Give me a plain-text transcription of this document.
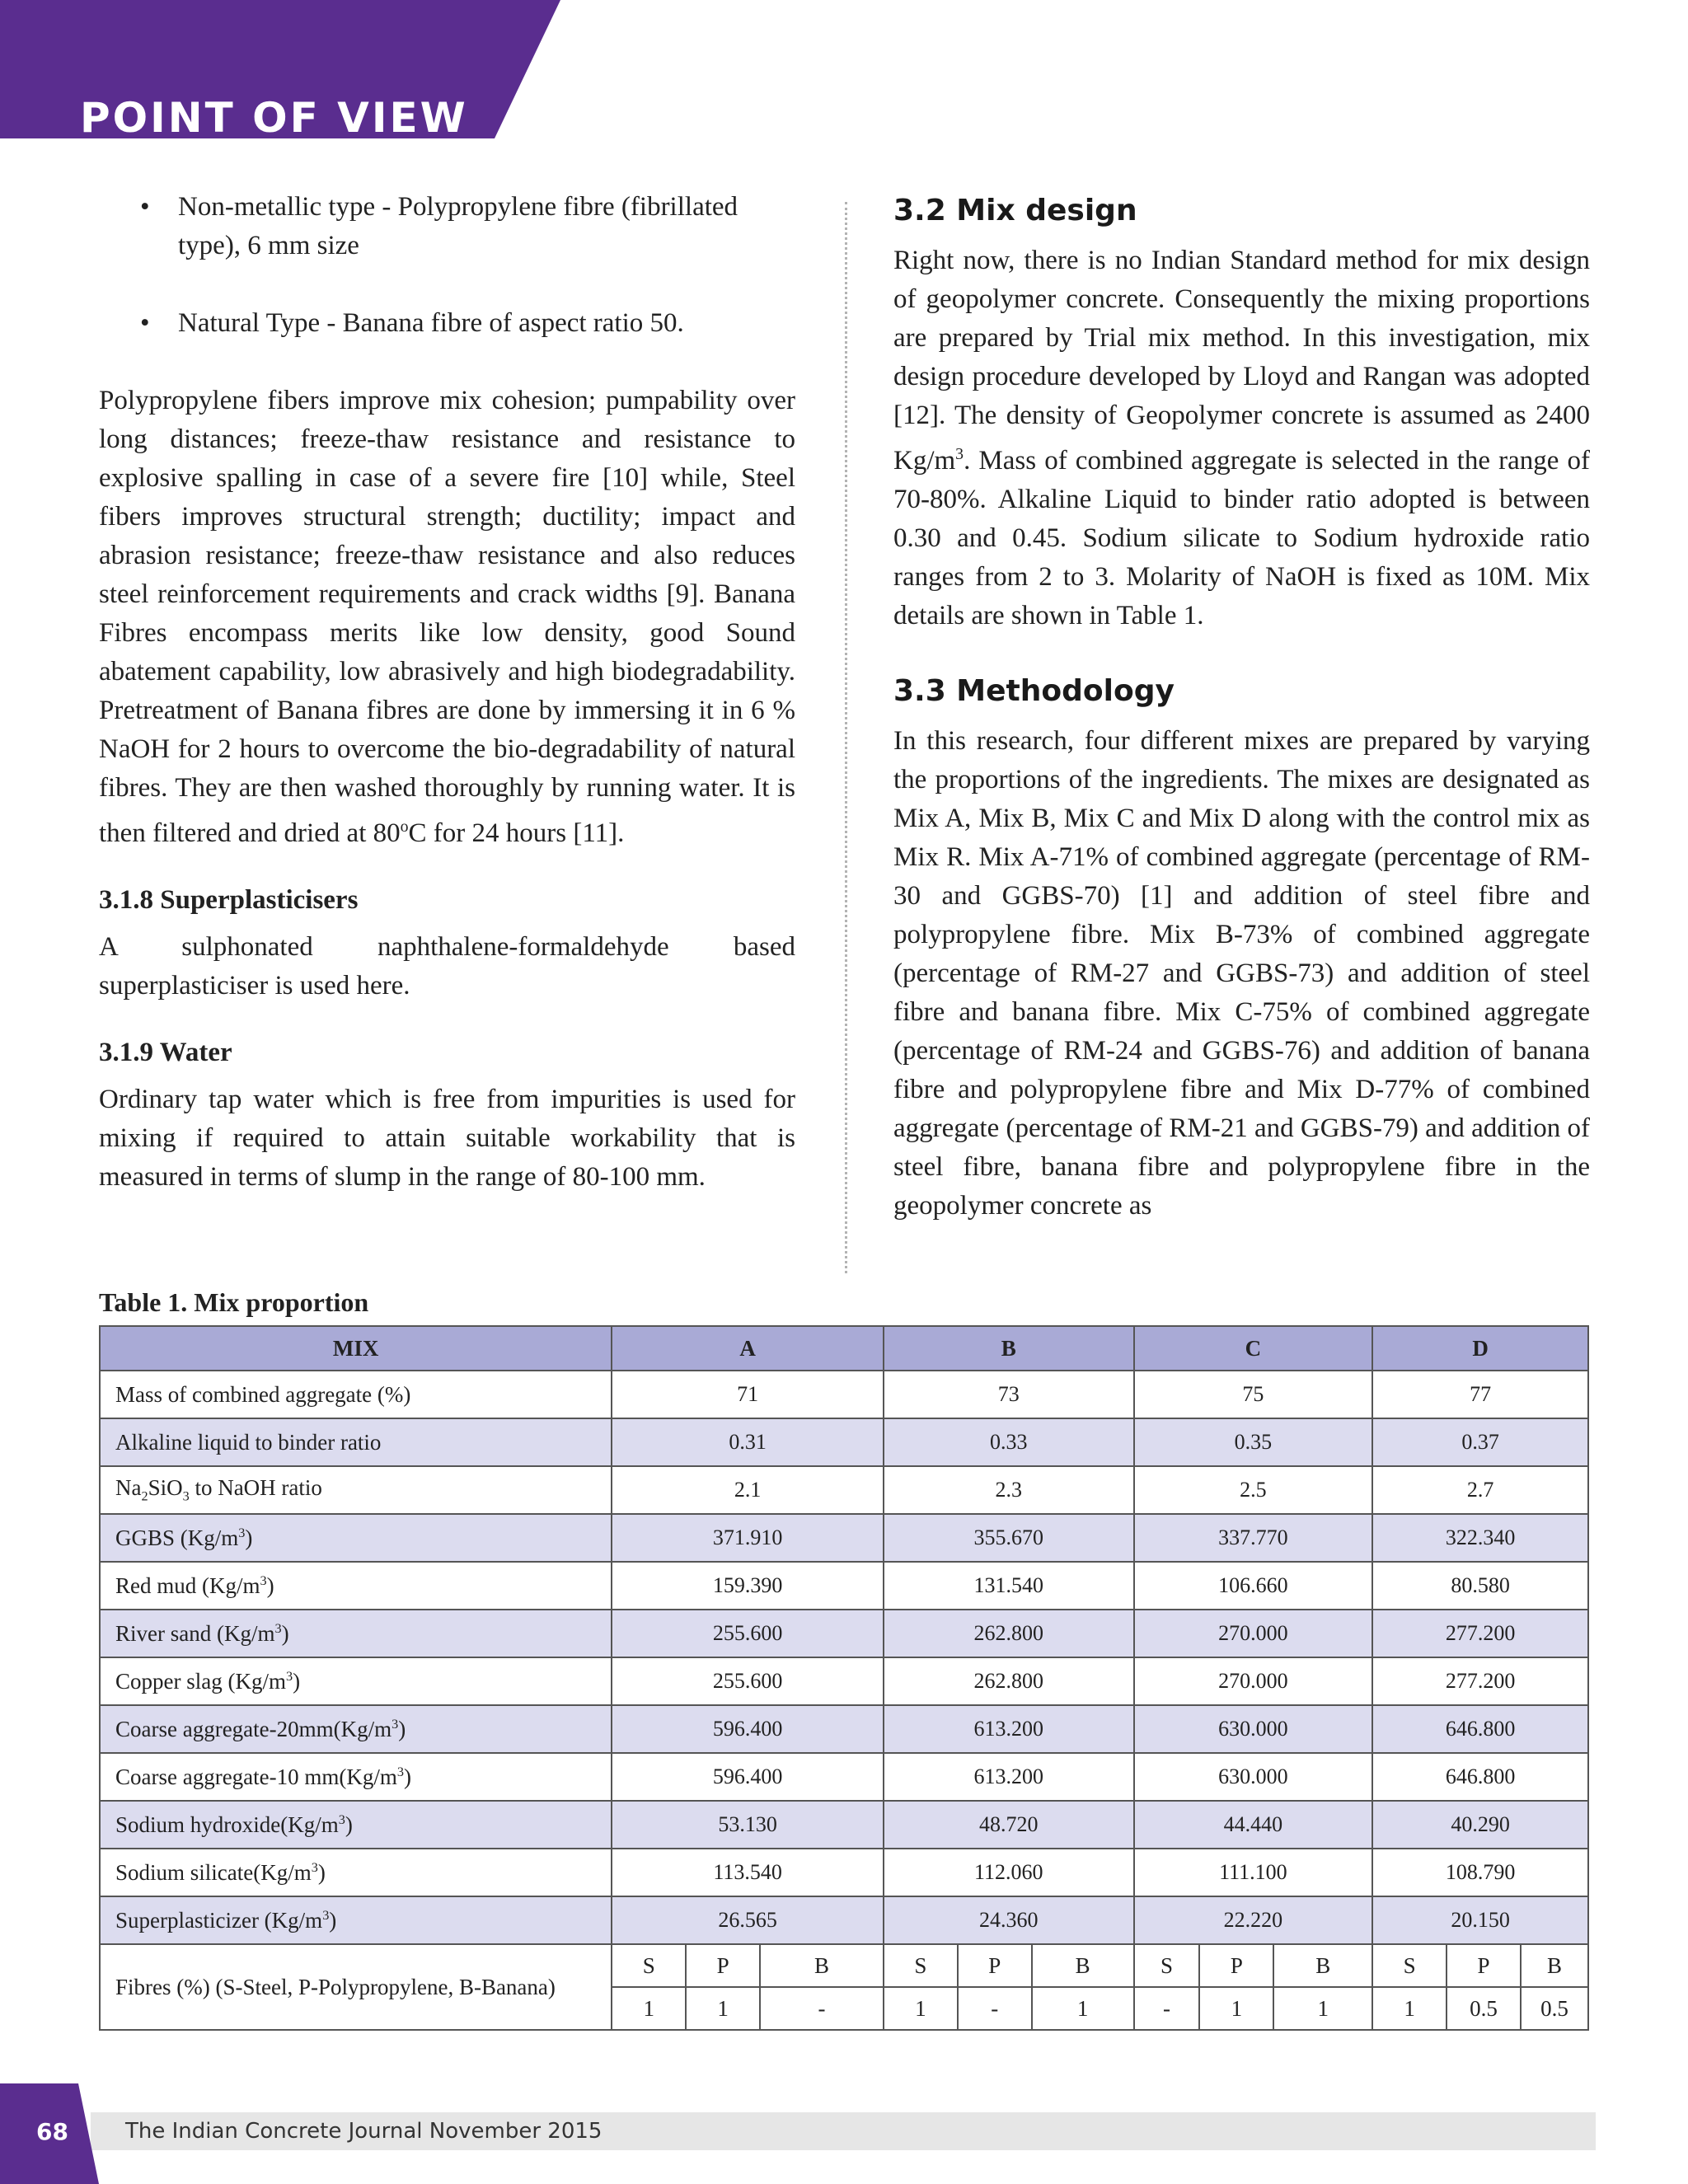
POINT OF VIEW
• Non-metallic type - Polypropylene fibre (fibrillated type), 6 mm size
• Natural Type - Banana fibre of aspect ratio 50.

Polypropylene fibers improve mix cohesion; pumpability over long distances; freeze-thaw resistance and resistance to explosive spalling in case of a severe fire [10] while, Steel fibers improves structural strength; ductility; impact and abrasion resistance; freeze-thaw resistance and also reduces steel reinforcement requirements and crack widths [9]. Banana Fibres encompass merits like low density, good Sound abatement capability, low abrasively and high biodegradability. Pretreatment of Banana fibres are done by immersing it in 6 % NaOH for 2 hours to overcome the bio-degradability of natural fibres. They are then washed thoroughly by running water. It is then filtered and dried at 80$^o$C for 24 hours [11].

3.1.8 Superplasticisers

A sulphonated naphthalene-formaldehyde based superplasticiser is used here.

3.1.9 Water

Ordinary tap water which is free from impurities is used for mixing if required to attain suitable workability that is measured in terms of slump in the range of 80-100 mm.

3.2 Mix design

Right now, there is no Indian Standard method for mix design of geopolymer concrete. Consequently the mixing proportions are prepared by Trial mix method. In this investigation, mix design procedure developed by Lloyd and Rangan was adopted [12]. The density of Geopolymer concrete is assumed as 2400 $Kg/m^3$. Mass of combined aggregate is selected in the range of 70-80%. Alkaline Liquid to binder ratio adopted is between 0.30 and 0.45. Sodium silicate to Sodium hydroxide ratio ranges from 2 to 3. Molarity of NaOH is fixed as 10M. Mix details are shown in Table 1.

3.3 Methodology

In this research, four different mixes are prepared by varying the proportions of the ingredients. The mixes are designated as Mix A, Mix B, Mix C and Mix D along with the control mix as Mix R. Mix A-71% of combined aggregate (percentage of RM-30 and GGBS-70) [1] and addition of steel fibre and polypropylene fibre. Mix B-73% of combined aggregate (percentage of RM-27 and GGBS-73) and addition of steel fibre and banana fibre. Mix C-75% of combined aggregate (percentage of RM-24 and GGBS-76) and addition of banana fibre and polypropylene fibre and Mix D-77% of combined aggregate (percentage of RM-21 and GGBS-79) and addition of steel fibre, banana fibre and polypropylene fibre in the geopolymer concrete as

Table 1. Mix proportion
MIX	A			B			C			D		
Mass of combined aggregate (%)	71			73			75			77		
Alkaline liquid to binder ratio	0.31			0.33			0.35			0.37		
$Na_2SiO_3$ to NaOH ratio	2.1			2.3			2.5			2.7		
GGBS $(Kg/m^3)$	371.910			355.670			337.770			322.340		
Red mud $(Kg/m^3)$	159.390			131.540			106.660			80.580		
River sand $(Kg/m^3)$	255.600			262.800			270.000			277.200		
Copper slag $(Kg/m^3)$	255.600			262.800			270.000			277.200		
Coarse aggregate-$20mm(Kg/m^3)$	596.400			613.200			630.000			646.800		
Coarse aggregate-10 $mm(Kg/m^3)$	596.400			613.200			630.000			646.800		
Sodium $hydroxide(Kg/m^3)$	53.130			48.720			44.440			40.290		
Sodium $silicate(Kg/m^3)$	113.540			112.060			111.100			108.790		
Superplasticizer $(Kg/m^3)$	26.565			24.360			22.220			20.150		
Fibres (%) (S-Steel, P-Polypropylene, B-Banana)	S	P	B	S	P	B	S	P	B	S	P	B
	1	1	-	1	-	1	-	1	1	1	0.5	0.5
68	The Indian Concrete Journal November 2015
